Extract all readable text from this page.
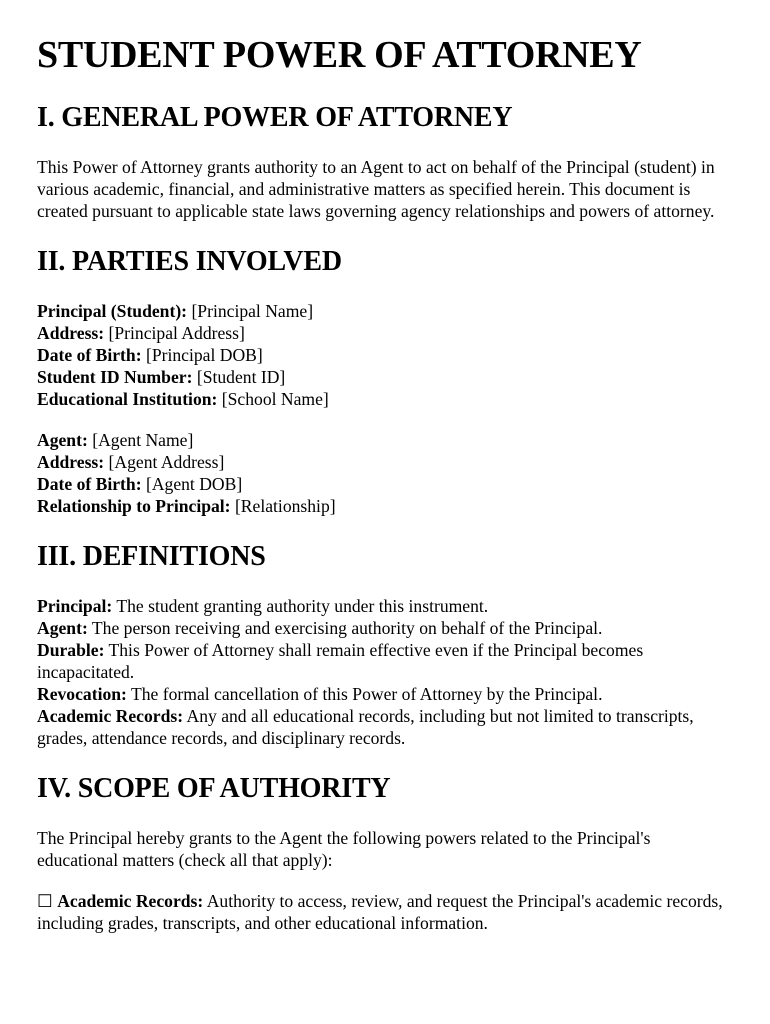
STUDENT POWER OF ATTORNEY
I. GENERAL POWER OF ATTORNEY

This Power of Attorney grants authority to an Agent to act on behalf of the Principal (student) in various academic, financial, and administrative matters as specified herein. This document is created pursuant to applicable state laws governing agency relationships and powers of attorney.

II. PARTIES INVOLVED
Principal (Student): [Principal Name]
Address: [Principal Address]
Date of Birth: [Principal DOB]
Student ID Number: [Student ID]
Educational Institution: [School Name]
Agent: [Agent Name]
Address: [Agent Address]
Date of Birth: [Agent DOB]
Relationship to Principal: [Relationship]
III. DEFINITIONS
Principal: The student granting authority under this instrument.
Agent: The person receiving and exercising authority on behalf of the Principal.
Durable: This Power of Attorney shall remain effective even if the Principal becomes incapacitated.
Revocation: The formal cancellation of this Power of Attorney by the Principal.
Academic Records: Any and all educational records, including but not limited to transcripts, grades, attendance records, and disciplinary records.
IV. SCOPE OF AUTHORITY

The Principal hereby grants to the Agent the following powers related to the Principal's educational matters (check all that apply):

☐ Academic Records: Authority to access, review, and request the Principal's academic records, including grades, transcripts, and other educational information.
